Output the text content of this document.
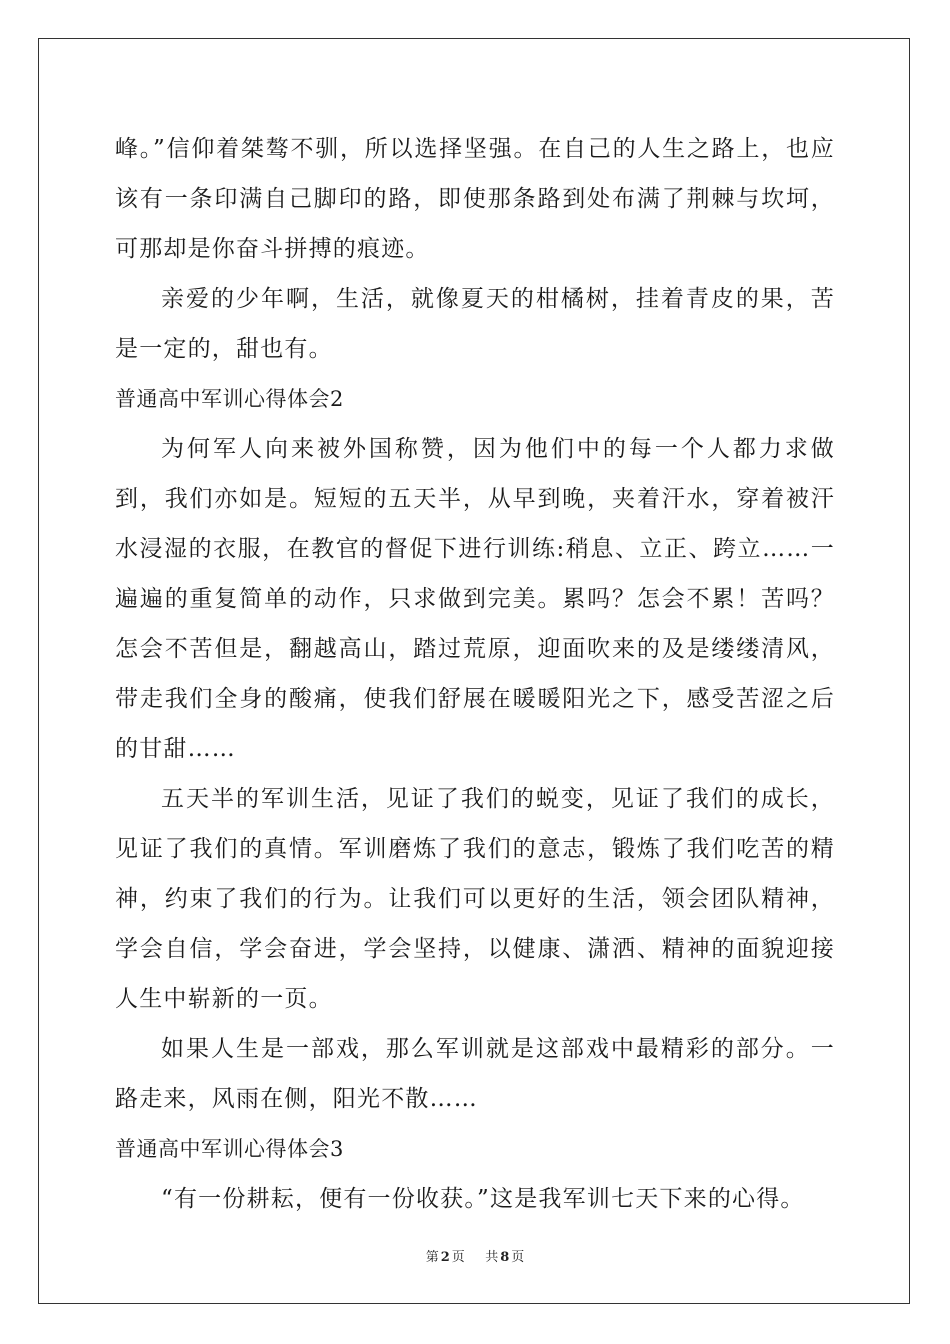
峰。”信仰着桀骜不驯，所以选择坚强。在自己的人生之路上，也应该有一条印满自己脚印的路，即使那条路到处布满了荆棘与坎坷，可那却是你奋斗拼搏的痕迹。

亲爱的少年啊，生活，就像夏天的柑橘树，挂着青皮的果，苦是一定的，甜也有。

普通高中军训心得体会2

为何军人向来被外国称赞，因为他们中的每一个人都力求做到，我们亦如是。短短的五天半，从早到晚，夹着汗水，穿着被汗水浸湿的衣服，在教官的督促下进行训练:稍息、立正、跨立……一遍遍的重复简单的动作，只求做到完美。累吗？怎会不累！苦吗？怎会不苦但是，翻越高山，踏过荒原，迎面吹来的及是缕缕清风，带走我们全身的酸痛，使我们舒展在暖暖阳光之下，感受苦涩之后的甘甜……

五天半的军训生活，见证了我们的蜕变，见证了我们的成长，见证了我们的真情。军训磨炼了我们的意志，锻炼了我们吃苦的精神，约束了我们的行为。让我们可以更好的生活，领会团队精神，学会自信，学会奋进，学会坚持，以健康、潇洒、精神的面貌迎接人生中崭新的一页。

如果人生是一部戏，那么军训就是这部戏中最精彩的部分。一路走来，风雨在侧，阳光不散……

普通高中军训心得体会3

“有一份耕耘，便有一份收获。”这是我军训七天下来的心得。

第 2 页 共 8 页
